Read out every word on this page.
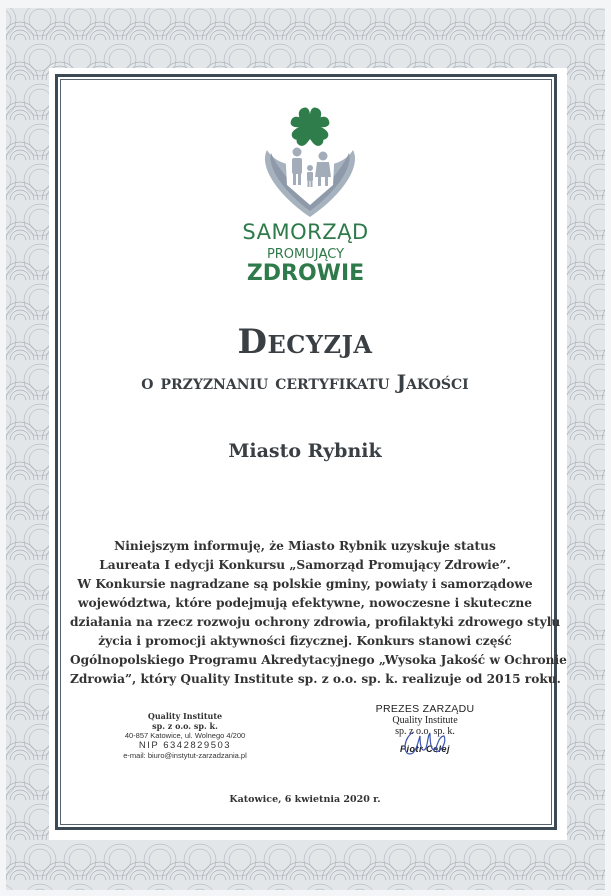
SAMORZĄD
PROMUJĄCY
ZDROWIE
Decyzja
o przyznaniu certyfikatu Jakości
Miasto Rybnik
Niniejszym informuję, że Miasto Rybnik uzyskuje status
Laureata I edycji Konkursu „Samorząd Promujący Zdrowie”.
W Konkursie nagradzane są polskie gminy, powiaty i samorządowe
województwa, które podejmują efektywne, nowoczesne i skuteczne
działania na rzecz rozwoju ochrony zdrowia, profilaktyki zdrowego stylu
życia i promocji aktywności fizycznej. Konkurs stanowi część
Ogólnopolskiego Programu Akredytacyjnego „Wysoka Jakość w Ochronie
Zdrowia”, który Quality Institute sp. z o.o. sp. k. realizuje od 2015 roku.
Quality Institute
sp. z o.o. sp. k.
40-857 Katowice, ul. Wolnego 4/200
NIP 6342829503
e-mail: biuro@instytut-zarzadzania.pl
PREZES ZARZĄDU
Quality Institute
sp. z o.o. sp. k.
Piotr Celej
Katowice, 6 kwietnia 2020 r.
